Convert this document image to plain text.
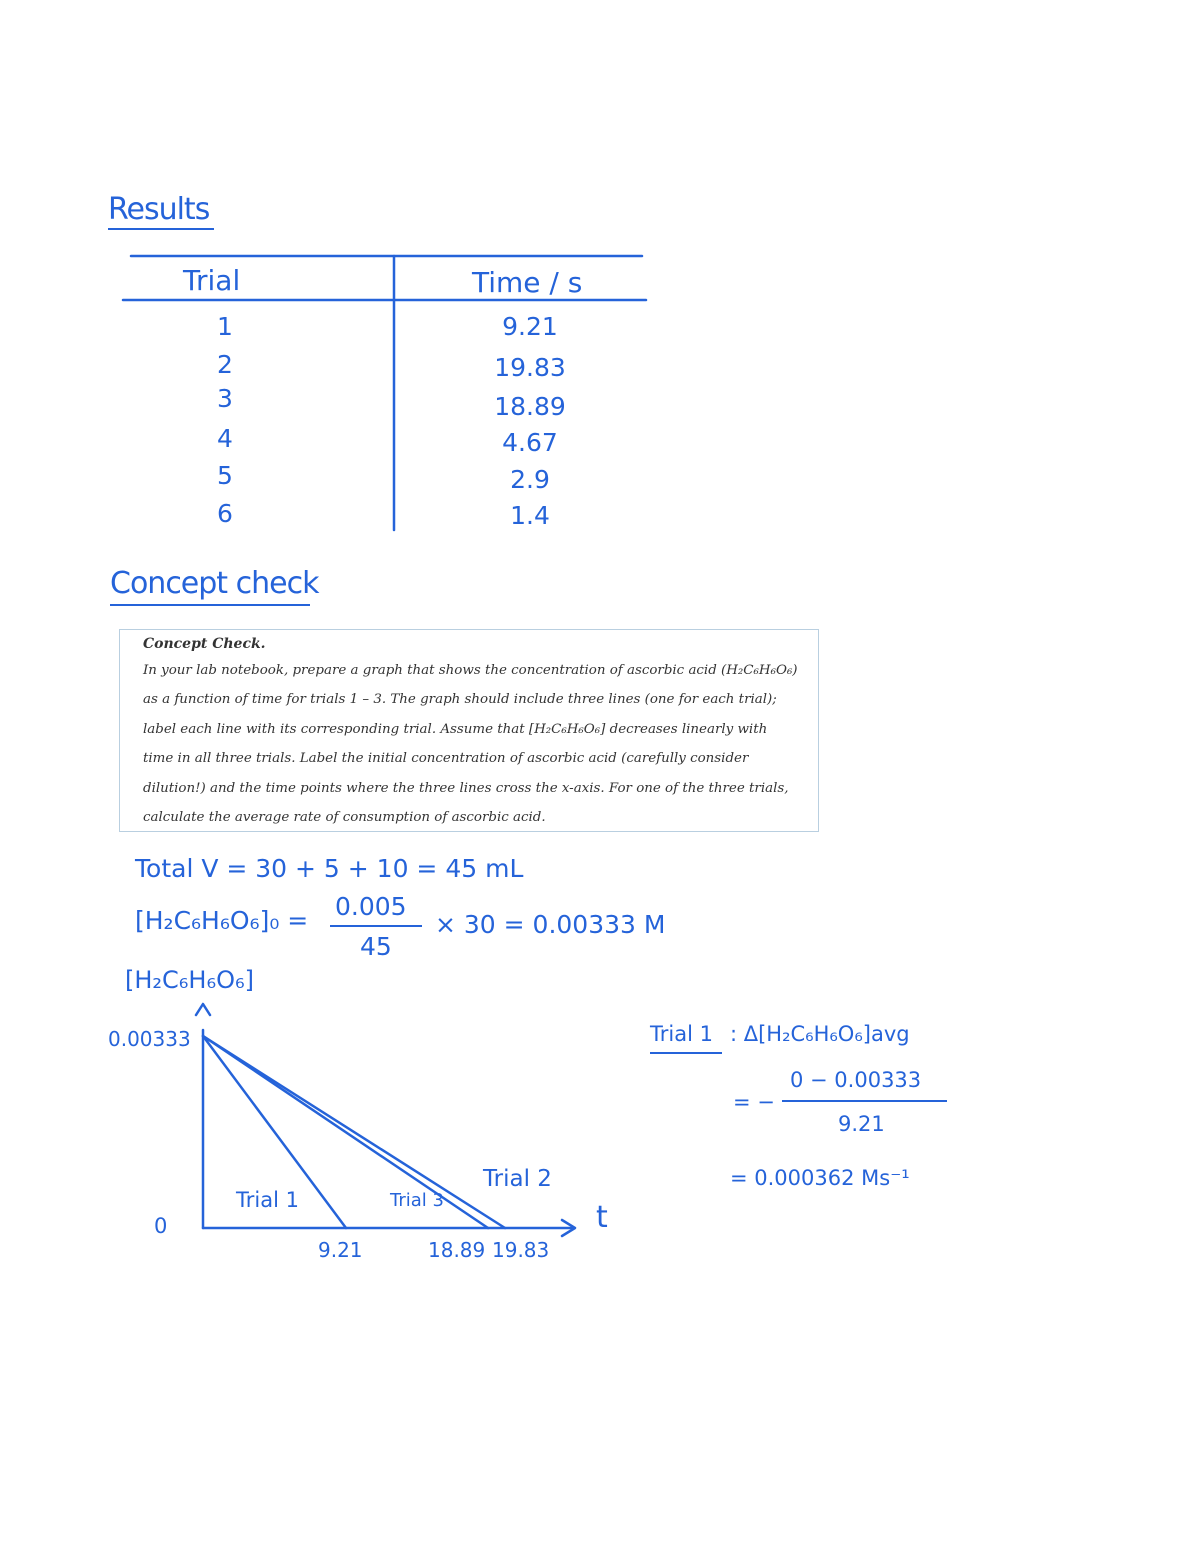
Results
Trial	Time / s
1	9.21
2	19.83
3	18.89
4	4.67
5	2.9
6	1.4
Concept check
Concept Check.
In your lab notebook, prepare a graph that shows the concentration of ascorbic acid (H₂C₆H₆O₆) as a function of time for trials 1 – 3. The graph should include three lines (one for each trial); label each line with its corresponding trial. Assume that [H₂C₆H₆O₆] decreases linearly with time in all three trials. Label the initial concentration of ascorbic acid (carefully consider dilution!) and the time points where the three lines cross the x-axis. For one of the three trials, calculate the average rate of consumption of ascorbic acid.
Total V = 30 + 5 + 10 = 45 mL
[H₂C₆H₆O₆]₀ = 0.005
45
× 30 = 0.00333 M
[H₂C₆H₆O₆]
0.00333
0	t
Trial 1	Trial 3
Trial 2
9.21	18.89 19.83
Trial 1 : Δ[H₂C₆H₆O₆]avg
0 − 0.00333
= −
9.21
= 0.000362 Ms⁻¹
